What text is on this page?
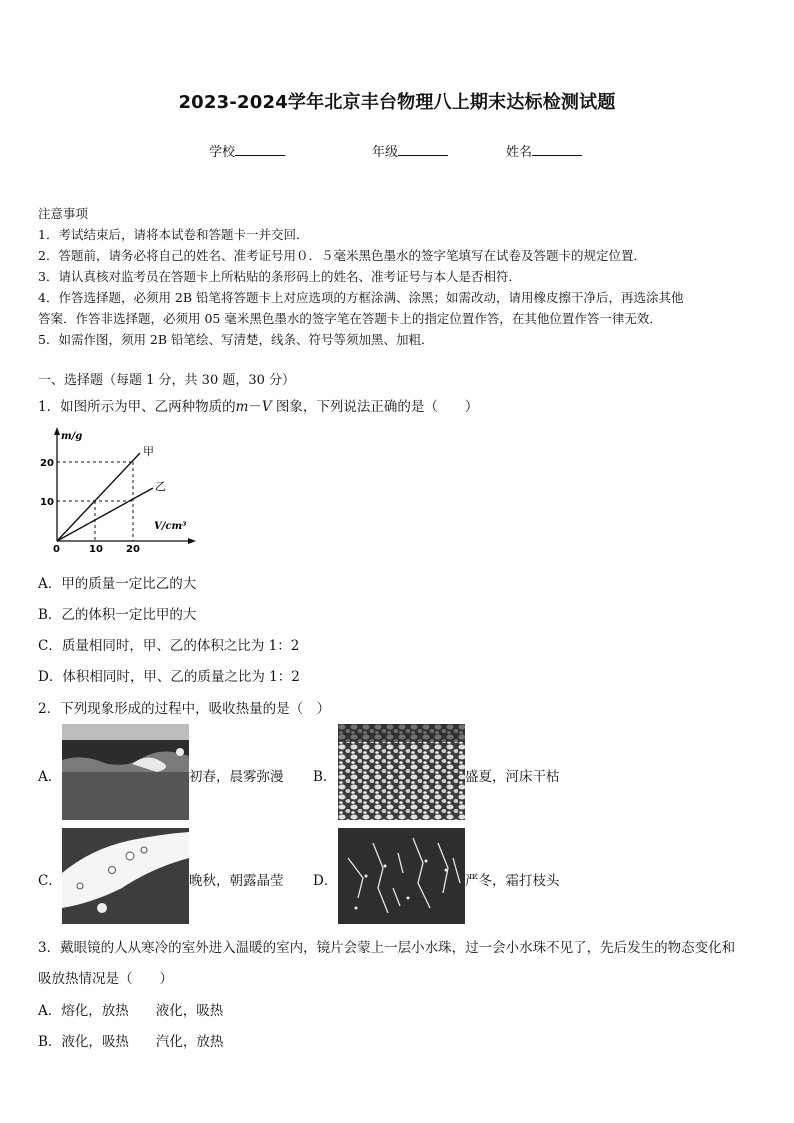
2023-2024学年北京丰台物理八上期末达标检测试题
学校	年级	姓名
注意事项
1．考试结束后，请将本试卷和答题卡一并交回．
2．答题前，请务必将自己的姓名、准考证号用０．５毫米黑色墨水的签字笔填写在试卷及答题卡的规定位置．
3．请认真核对监考员在答题卡上所粘贴的条形码上的姓名、准考证号与本人是否相符．
4．作答选择题，必须用 2B 铅笔将答题卡上对应选项的方框涂满、涂黑；如需改动，请用橡皮擦干净后，再选涂其他
答案．作答非选择题，必须用 05 毫米黑色墨水的签字笔在答题卡上的指定位置作答，在其他位置作答一律无效．
5．如需作图，须用 2B 铅笔绘、写清楚，线条、符号等须加黑、加粗．
一、选择题（每题 1 分，共 30 题，30 分）
1．如图所示为甲、乙两种物质的𝑚－𝑉 图象，下列说法正确的是（　　）
m/g
20
10
0	10 20
V/cm³
甲
乙
A．甲的质量一定比乙的大
B．乙的体积一定比甲的大
C．质量相同时，甲、乙的体积之比为 1：2
D．体积相同时，甲、乙的质量之比为 1：2
2．下列现象形成的过程中，吸收热量的是（　）
A．	初春，晨雾弥漫 B．	盛夏，河床干枯
C．	晚秋，朝露晶莹 D．	严冬，霜打枝头
3．戴眼镜的人从寒冷的室外进入温暖的室内，镜片会蒙上一层小水珠，过一会小水珠不见了，先后发生的物态变化和
吸放热情况是（　　）
A．熔化，放热　　液化，吸热
B．液化，吸热　　汽化，放热
